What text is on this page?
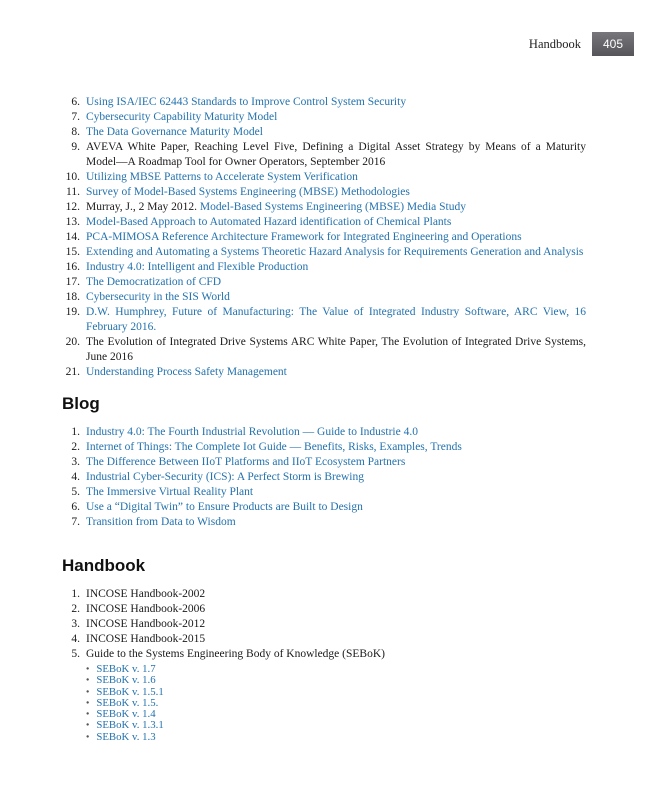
Handbook	405
6. Using ISA/IEC 62443 Standards to Improve Control System Security
7. Cybersecurity Capability Maturity Model
8. The Data Governance Maturity Model
9. AVEVA White Paper, Reaching Level Five, Defining a Digital Asset Strategy by Means of a Maturity Model—A Roadmap Tool for Owner Operators, September 2016
10. Utilizing MBSE Patterns to Accelerate System Verification
11. Survey of Model-Based Systems Engineering (MBSE) Methodologies
12. Murray, J., 2 May 2012. Model-Based Systems Engineering (MBSE) Media Study
13. Model-Based Approach to Automated Hazard identification of Chemical Plants
14. PCA-MIMOSA Reference Architecture Framework for Integrated Engineering and Operations
15. Extending and Automating a Systems Theoretic Hazard Analysis for Requirements Generation and Analysis
16. Industry 4.0: Intelligent and Flexible Production
17. The Democratization of CFD
18. Cybersecurity in the SIS World
19. D.W. Humphrey, Future of Manufacturing: The Value of Integrated Industry Software, ARC View, 16 February 2016.
20. The Evolution of Integrated Drive Systems ARC White Paper, The Evolution of Integrated Drive Systems, June 2016
21. Understanding Process Safety Management
Blog
1. Industry 4.0: The Fourth Industrial Revolution — Guide to Industrie 4.0
2. Internet of Things: The Complete Iot Guide — Benefits, Risks, Examples, Trends
3. The Difference Between IIoT Platforms and IIoT Ecosystem Partners
4. Industrial Cyber-Security (ICS): A Perfect Storm is Brewing
5. The Immersive Virtual Reality Plant
6. Use a “Digital Twin” to Ensure Products are Built to Design
7. Transition from Data to Wisdom
Handbook
1. INCOSE Handbook-2002
2. INCOSE Handbook-2006
3. INCOSE Handbook-2012
4. INCOSE Handbook-2015
5. Guide to the Systems Engineering Body of Knowledge (SEBoK)
● SEBoK v. 1.7
● SEBoK v. 1.6
● SEBoK v. 1.5.1
● SEBoK v. 1.5.
● SEBoK v. 1.4
● SEBoK v. 1.3.1
● SEBoK v. 1.3
